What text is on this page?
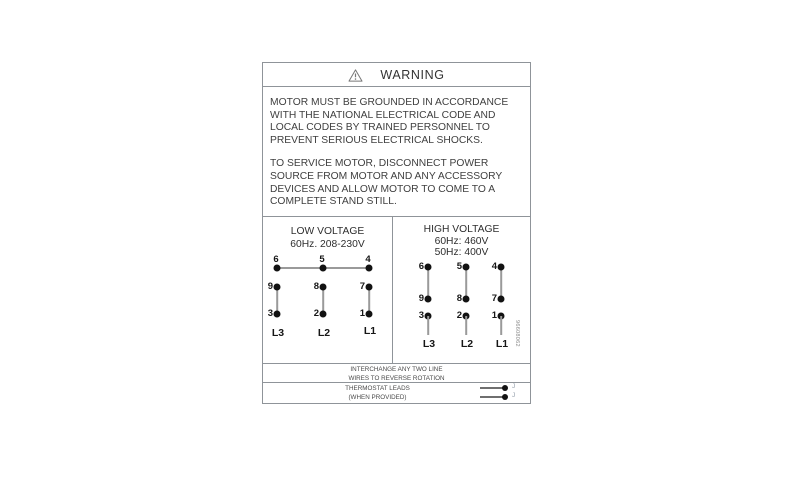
WARNING
MOTOR MUST BE GROUNDED IN ACCORDANCE
WITH THE NATIONAL ELECTRICAL CODE AND
LOCAL CODES BY TRAINED PERSONNEL TO
PREVENT SERIOUS ELECTRICAL SHOCKS.
TO SERVICE MOTOR, DISCONNECT POWER
SOURCE FROM MOTOR AND ANY ACCESSORY
DEVICES AND ALLOW MOTOR TO COME TO A
COMPLETE STAND STILL.
LOW VOLTAGE
60Hz. 208-230V
6	5	4
9	8	7
3	2	1
L3	L2	L1
HIGH VOLTAGE
60Hz: 460V
50Hz: 400V
6	5	4
9	8	7
3	2	1
L3 L2 L1 96608062
INTERCHANGE ANY TWO LINE
WIRES TO REVERSE ROTATION
THERMOSTAT LEADS
(WHEN PROVIDED)
J
J
